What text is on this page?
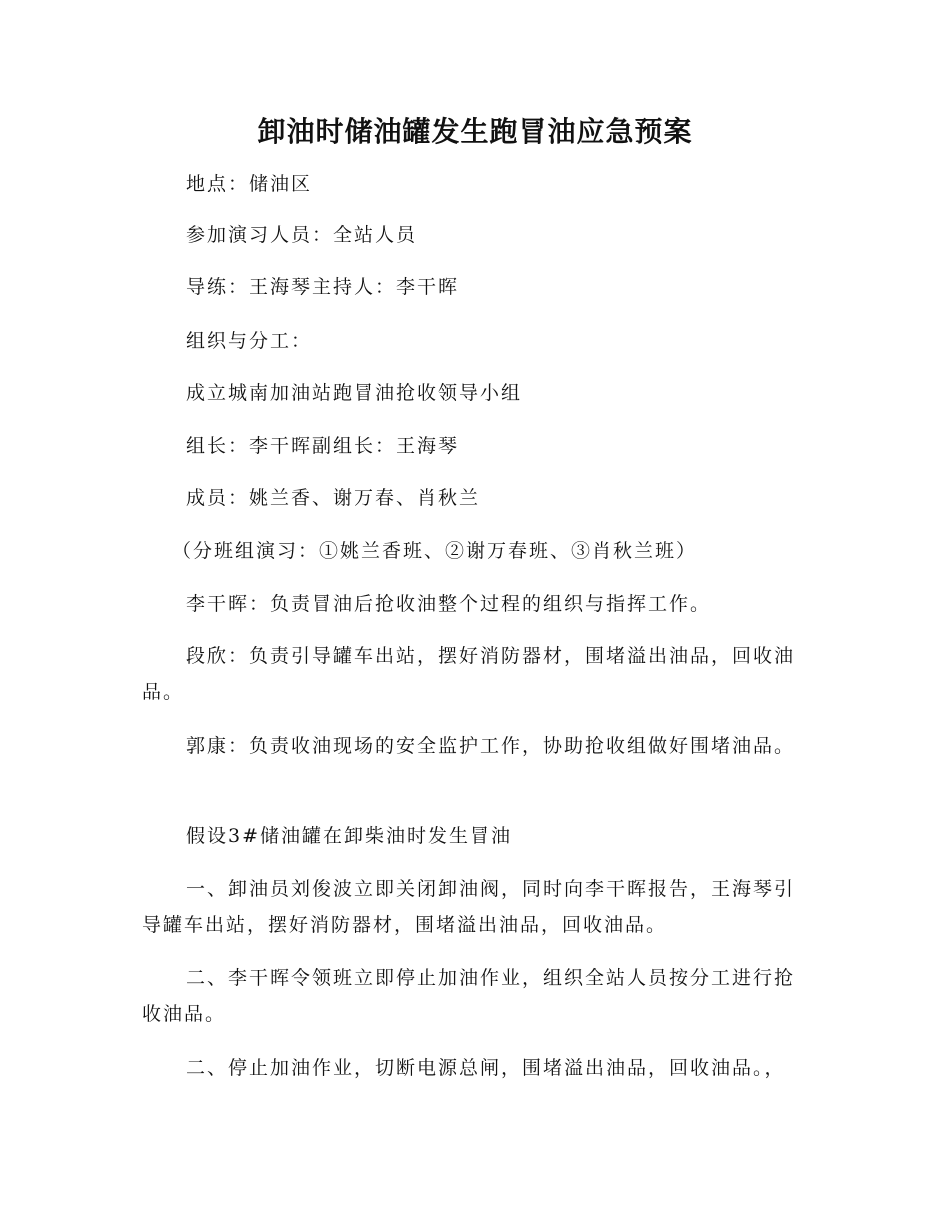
卸油时储油罐发生跑冒油应急预案

地点：储油区

参加演习人员：全站人员

导练：王海琴主持人：李干晖

组织与分工：

成立城南加油站跑冒油抢收领导小组

组长：李干晖副组长：王海琴

成员：姚兰香、谢万春、肖秋兰

（分班组演习：①姚兰香班、②谢万春班、③肖秋兰班）

李干晖：负责冒油后抢收油整个过程的组织与指挥工作。

段欣：负责引导罐车出站，摆好消防器材，围堵溢出油品，回收油品。

郭康：负责收油现场的安全监护工作，协助抢收组做好围堵油品。

假设3#储油罐在卸柴油时发生冒油

一、卸油员刘俊波立即关闭卸油阀，同时向李干晖报告，王海琴引导罐车出站，摆好消防器材，围堵溢出油品，回收油品。

二、李干晖令领班立即停止加油作业，组织全站人员按分工进行抢收油品。

二、停止加油作业，切断电源总闸，围堵溢出油品，回收油品。，
